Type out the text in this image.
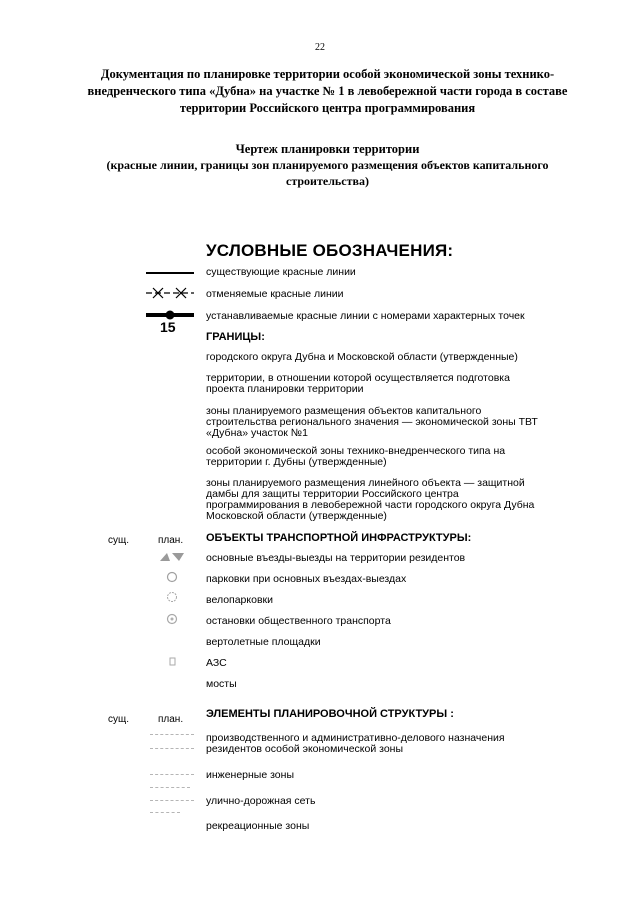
22
Документация по планировке территории особой экономической зоны технико-
внедренческого типа «Дубна» на участке № 1 в левобережной части города в составе
территории Российского центра программирования
Чертеж планировки территории
(красные линии, границы зон планируемого размещения объектов капитального
строительства)
УСЛОВНЫЕ ОБОЗНАЧЕНИЯ:
существующие красные линии
отменяемые красные линии
устанавливаемые красные линии с номерами характерных точек
15
ГРАНИЦЫ:
городского округа Дубна и Московской области (утвержденные)
территории, в отношении которой осуществляется подготовка проекта планировки территории
зоны планируемого размещения объектов капитального строительства регионального значения — экономической зоны ТВТ «Дубна» участок №1
особой экономической зоны технико-внедренческого типа на территории г. Дубны (утвержденные)
зоны планируемого размещения линейного объекта — защитной дамбы для защиты территории Российского центра программирования в левобережной части городского округа Дубна Московской области (утвержденные)
сущ.	план. ОБЪЕКТЫ ТРАНСПОРТНОЙ ИНФРАСТРУКТУРЫ:
основные въезды-выезды на территории резидентов
парковки при основных въездах-выездах
велопарковки
остановки общественного транспорта
вертолетные площадки
АЗС
мосты
сущ.	план. ЭЛЕМЕНТЫ ПЛАНИРОВОЧНОЙ СТРУКТУРЫ :
производственного и административно-делового назначения резидентов особой экономической зоны
инженерные зоны
улично-дорожная сеть
рекреационные зоны
